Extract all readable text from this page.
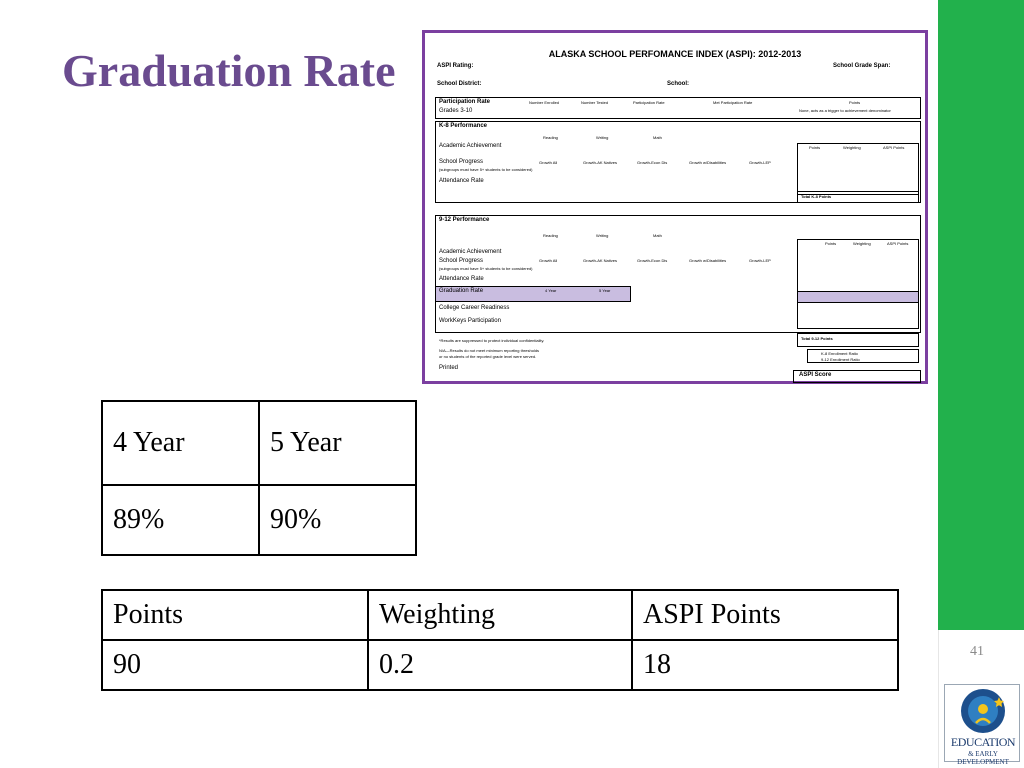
41
Graduation Rate	ALASKA SCHOOL PERFOMANCE INDEX (ASPI): 2012-2013
ASPI Rating:	School Grade Span:
School District:	School:
Participation Rate
Grades 3-10
Number Enrolled	Number Tested	Participation Rate	Met Participation Rate	Points
None, acts as a trigger to achievement denominator
K-8 Performance
Reading	Writing	Math
Academic Achievement
School Progress
(subgroups must have 5+ students to be considered)
Growth All	Growth-AK Natives	Growth-Econ Dis	Growth w/Disabilities	Growth-LEP
Attendance Rate
Points	Weighting	ASPI Points
Total K-8 Points
9-12 Performance
Reading	Writing	Math
Academic Achievement
School Progress
(subgroups must have 5+ students to be considered)
Growth All	Growth-AK Natives	Growth-Econ Dis	Growth w/Disabilities	Growth-LEP
Attendance Rate
Graduation Rate	4 Year	5 Year
College Career Readiness
WorkKeys Participation
Points	Weighting	ASPI Points
Total 9-12 Points
*Results are suppressed to protect individual confidentiality.
N/A—Results do not meet minimum reporting thresholds
or no students of the reported grade level were served.
K-8 Enrollment Ratio
9-12 Enrollment Ratio
Printed
ASPI Score
4 Year	5 Year
89%	90%
Points	Weighting	ASPI Points
90	0.2	18
EDUCATION
& EARLY DEVELOPMENT
